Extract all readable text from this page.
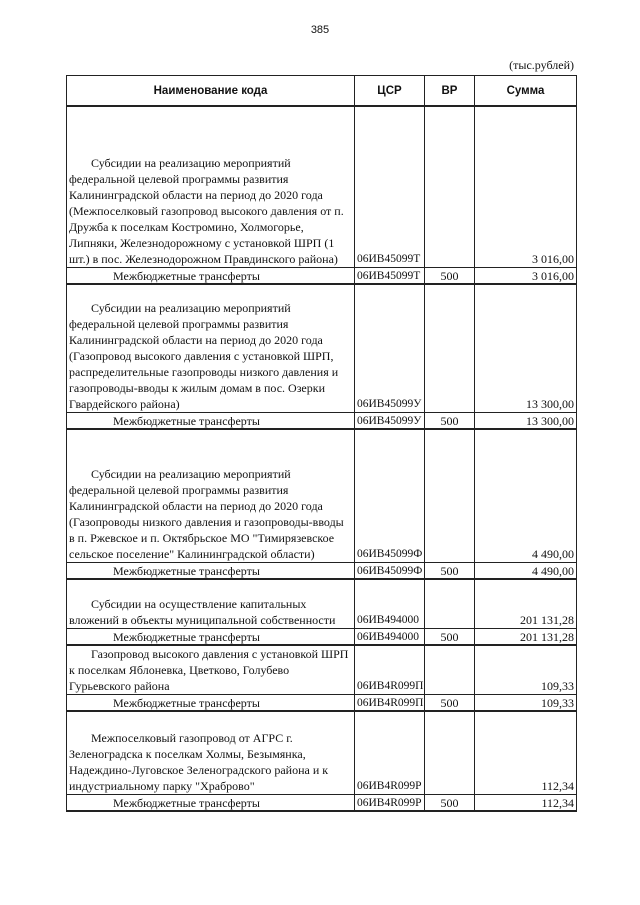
385
(тыс.рублей)
Наименование кода	ЦСР	ВР	Сумма
Субсидии на реализацию мероприятий федеральной целевой программы развития Калининградской области на период до 2020 года (Межпоселковый газопровод высокого давления от п. Дружба к поселкам Костромино, Холмогорье, Липняки, Железнодорожному с установкой ШРП (1 шт.) в пос. Железнодорожном Правдинского района)	06ИВ45099Т		3 016,00
Межбюджетные трансферты	06ИВ45099Т	500	3 016,00
Субсидии на реализацию мероприятий федеральной целевой программы развития Калининградской области на период до 2020 года (Газопровод высокого давления с установкой ШРП, распределительные газопроводы низкого давления и газопроводы-вводы к жилым домам в пос. Озерки Гвардейского района)	06ИВ45099У		13 300,00
Межбюджетные трансферты	06ИВ45099У	500	13 300,00
Субсидии на реализацию мероприятий федеральной целевой программы развития Калининградской области на период до 2020 года (Газопроводы низкого давления и газопроводы-вводы в п. Ржевское и п. Октябрьское МО "Тимирязевское сельское поселение" Калининградской области)	06ИВ45099Ф		4 490,00
Межбюджетные трансферты	06ИВ45099Ф	500	4 490,00
Субсидии на осуществление капитальных вложений в объекты муниципальной собственности	06ИВ494000		201 131,28
Межбюджетные трансферты	06ИВ494000	500	201 131,28
Газопровод высокого давления с установкой ШРП к поселкам Яблоневка, Цветково, Голубево Гурьевского района	06ИВ4R099П		109,33
Межбюджетные трансферты	06ИВ4R099П	500	109,33
Межпоселковый газопровод от АГРС г. Зеленоградска к поселкам Холмы, Безымянка, Надеждино-Луговское Зеленоградского района и к индустриальному парку "Храброво"	06ИВ4R099Р		112,34
Межбюджетные трансферты	06ИВ4R099Р	500	112,34
